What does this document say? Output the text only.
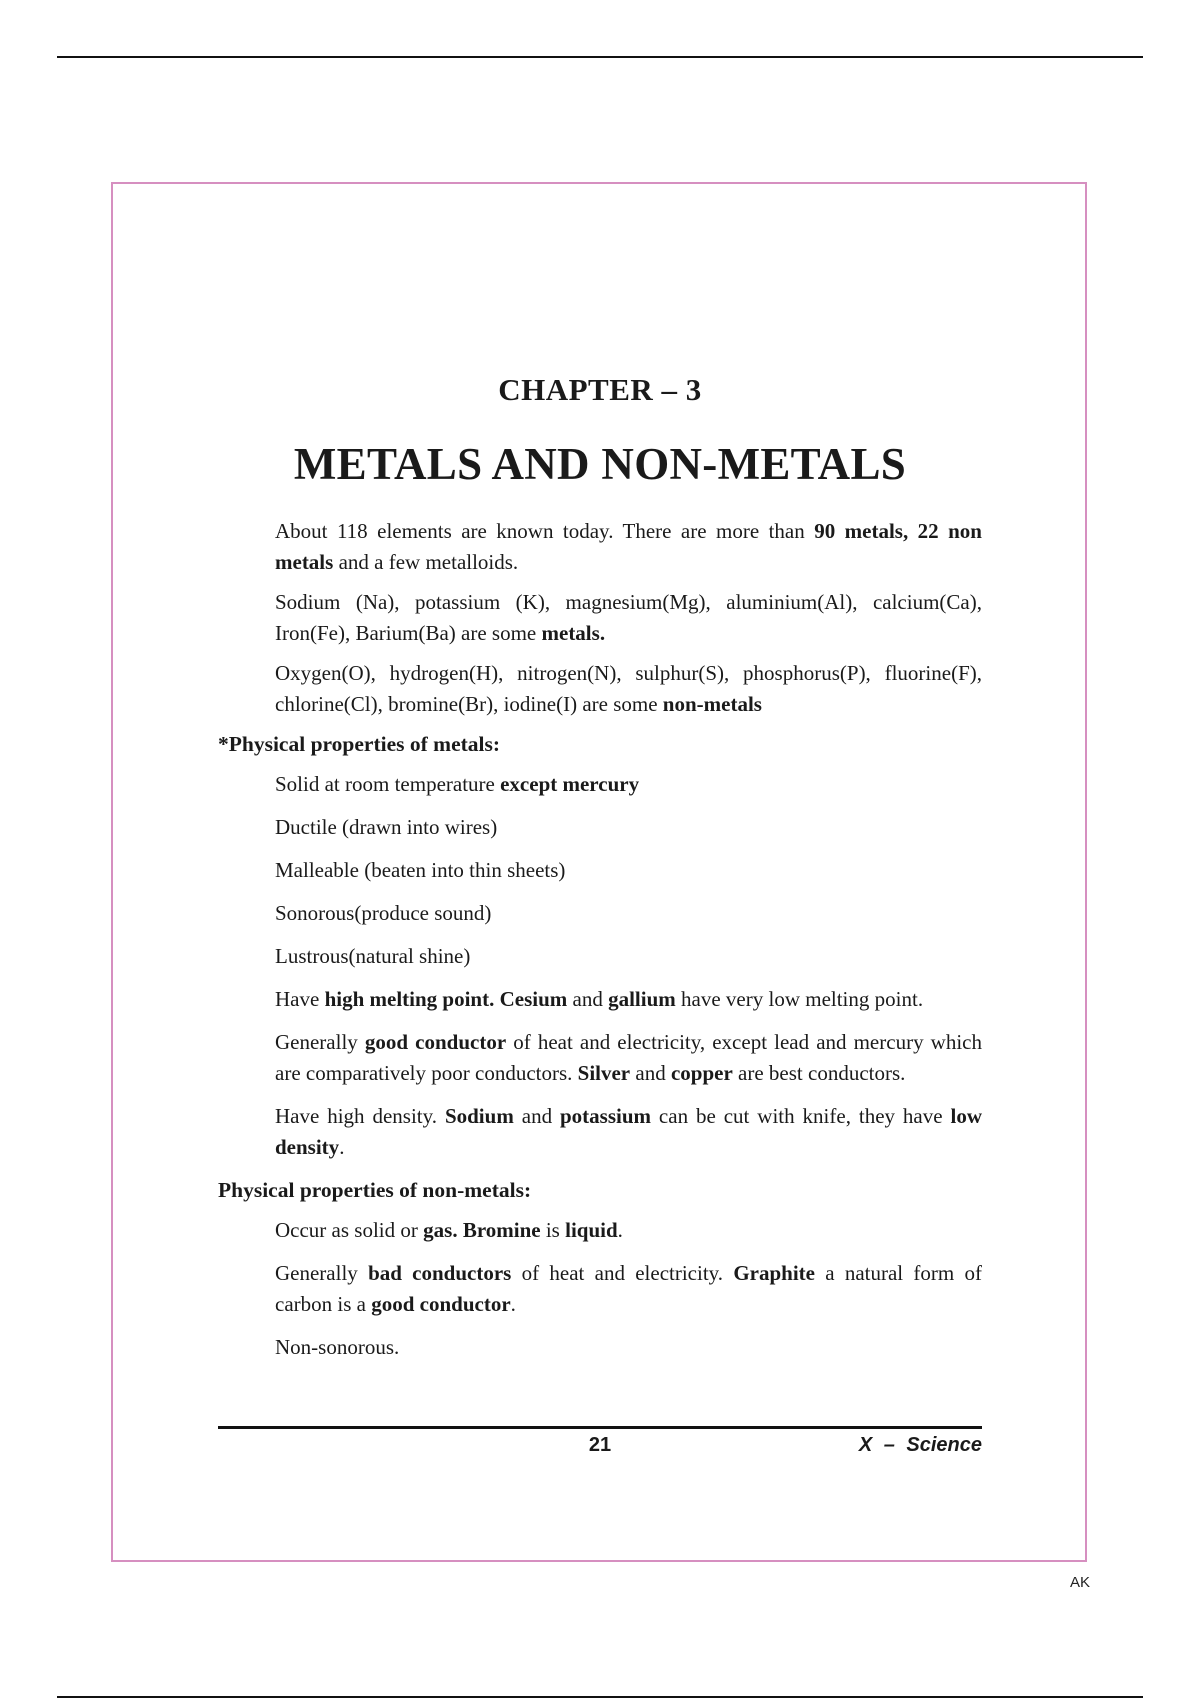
CHAPTER – 3
METALS AND NON-METALS

About 118 elements are known today. There are more than 90 metals, 22 non metals and a few metalloids.

Sodium (Na), potassium (K), magnesium(Mg), aluminium(Al), calcium(Ca), Iron(Fe), Barium(Ba) are some metals.

Oxygen(O), hydrogen(H), nitrogen(N), sulphur(S), phosphorus(P), fluorine(F), chlorine(Cl), bromine(Br), iodine(I) are some non-metals

*Physical properties of metals:

Solid at room temperature except mercury

Ductile (drawn into wires)

Malleable (beaten into thin sheets)

Sonorous(produce sound)

Lustrous(natural shine)

Have high melting point. Cesium and gallium have very low melting point.

Generally good conductor of heat and electricity, except lead and mercury which are comparatively poor conductors. Silver and copper are best conductors.

Have high density. Sodium and potassium can be cut with knife, they have low density.

Physical properties of non-metals:

Occur as solid or gas. Bromine is liquid.

Generally bad conductors of heat and electricity. Graphite a natural form of carbon is a good conductor.

Non-sonorous.

21	X – Science
AK
